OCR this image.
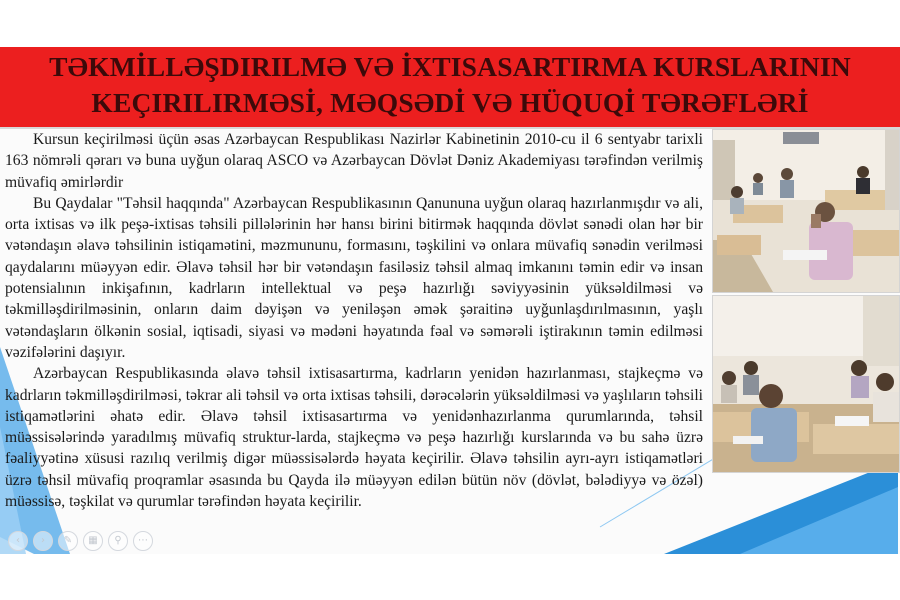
TƏKMİLLƏŞDIRILMƏ VƏ İXTISASARTIRMA KURSLARININ
KEÇIRILIRMƏSİ, MƏQSƏDİ VƏ HÜQUQİ TƏRƏFLƏRİ

Kursun keçirilməsi üçün əsas Azərbaycan Respublikası Nazirlər Kabinetinin 2010-cu il 6 sentyabr tarixli 163 nömrəli qərarı və buna uyğun olaraq ASCO və Azərbaycan Dövlət Dəniz Akademiyası tərəfindən verilmiş müvafiq əmirlərdir

Bu Qaydalar "Təhsil haqqında" Azərbaycan Respublikasının Qanununa uyğun olaraq hazırlanmışdır və ali, orta ixtisas və ilk peşə-ixtisas təhsili pillələrinin hər hansı birini bitirmək haqqında dövlət sənədi olan hər bir vətəndaşın əlavə təhsilinin istiqamətini, məzmununu, formasını, təşkilini və onlara müvafiq sənədin verilməsi qaydalarını müəyyən edir. Əlavə təhsil hər bir vətəndaşın fasiləsiz təhsil almaq imkanını təmin edir və insan potensialının inkişafının, kadrların intellektual və peşə hazırlığı səviyyəsinin yüksəldilməsi və təkmilləşdirilməsinin, onların daim dəyişən və yeniləşən əmək şəraitinə uyğunlaşdırılmasının, yaşlı vətəndaşların ölkənin sosial, iqtisadi, siyasi və mədəni həyatında fəal və səmərəli iştirakının təmin edilməsi vəzifələrini daşıyır.

Azərbaycan Respublikasında əlavə təhsil ixtisasartırma, kadrların yenidən hazırlanması, stajkeçmə və kadrların təkmilləşdirilməsi, təkrar ali təhsil və orta ixtisas təhsili, dərəcələrin yüksəldilməsi və yaşlıların təhsili istiqamətlərini əhatə edir. Əlavə təhsil ixtisasartırma və yenidənhazırlanma qurumlarında, təhsil müəssisələrində yaradılmış müvafiq struktur-larda, stajkeçmə və peşə hazırlığı kurslarında və bu sahə üzrə fəaliyyətinə xüsusi razılıq verilmiş digər müəssisələrdə həyata keçirilir. Əlavə təhsilin ayrı-ayrı istiqamətləri üzrə təhsil müvafiq proqramlar əsasında bu Qayda ilə müəyyən edilən bütün növ (dövlət, bələdiyyə və özəl) müəssisə, təşkilat və qurumlar tərəfindən həyata keçirilir.

‹	›	✎	▦	⚲	⋯
